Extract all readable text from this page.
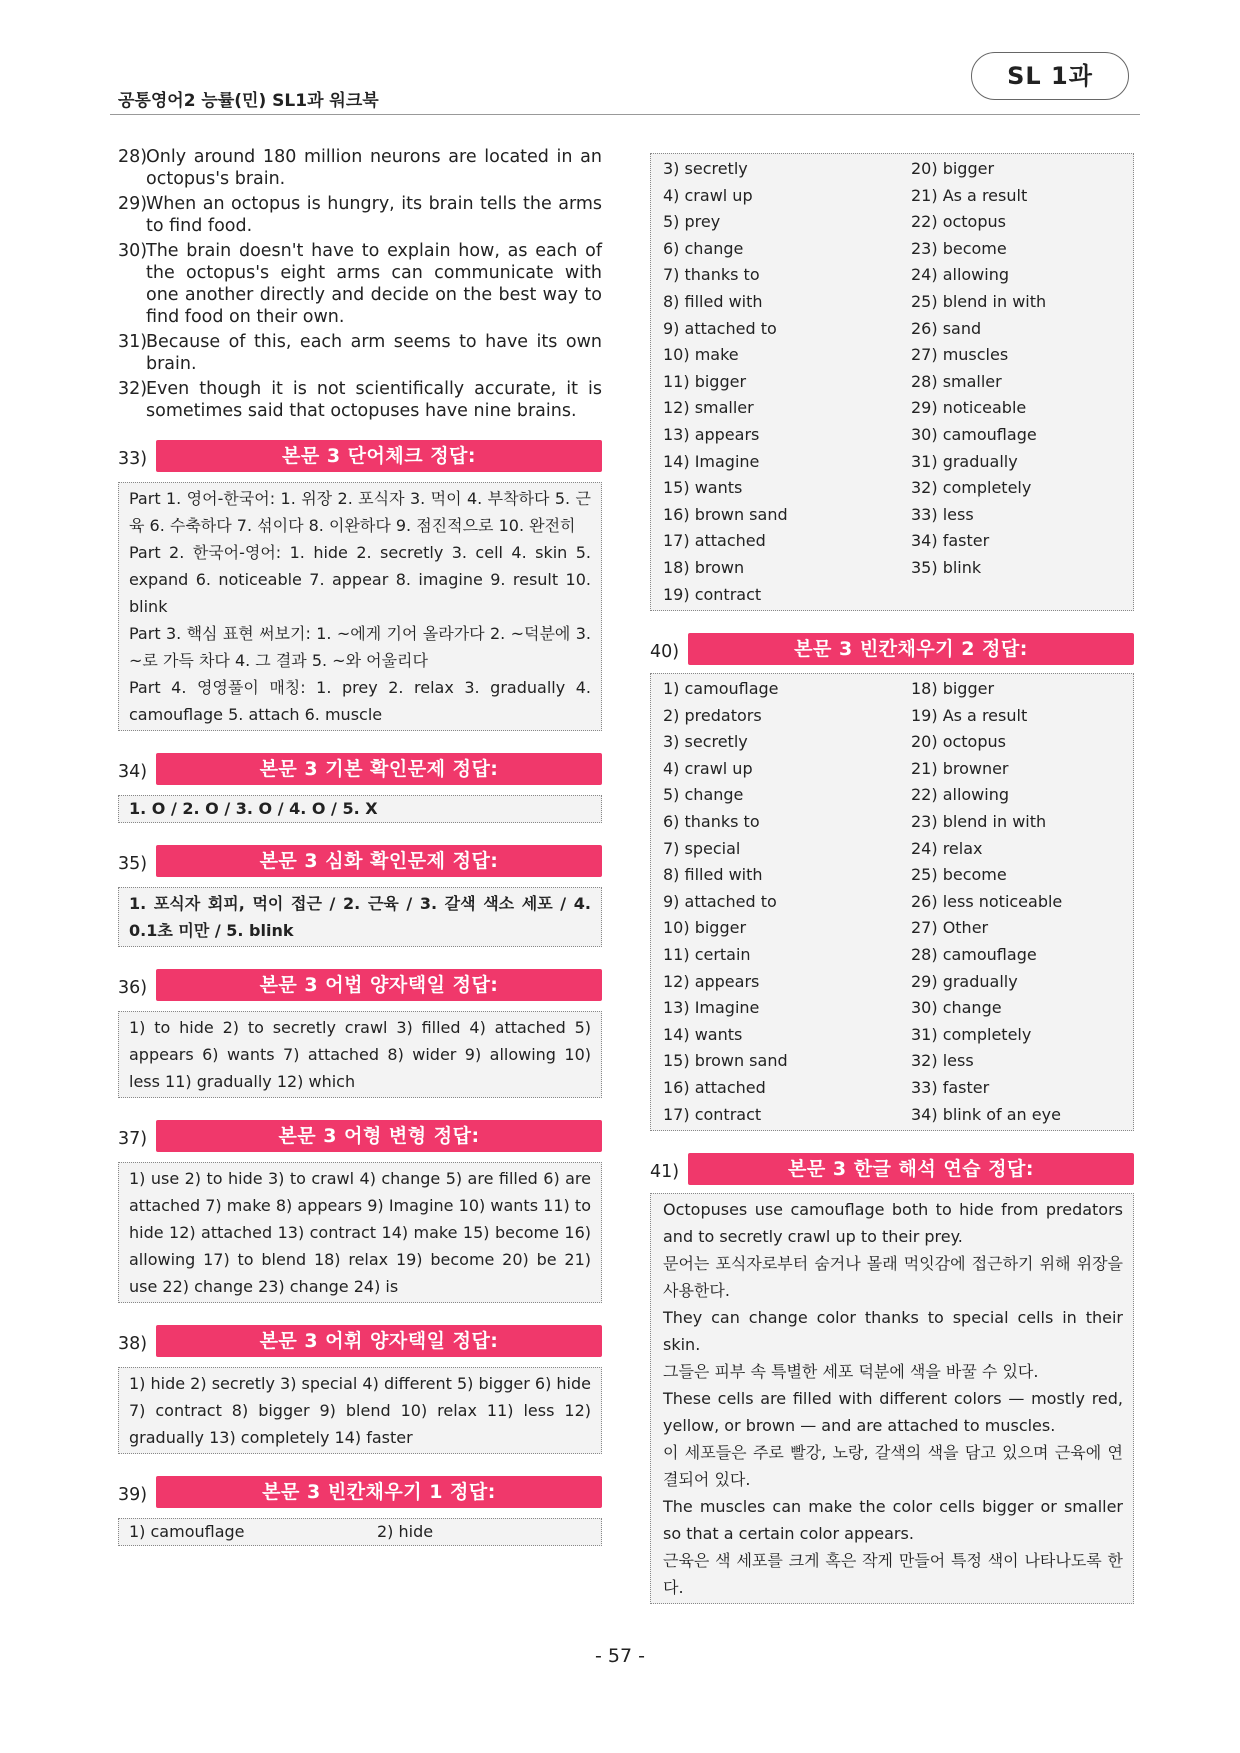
공통영어2 능률(민) SL1과 워크북
SL 1과
28)
Only around 180 million neurons are located in an octopus's brain.
29)
When an octopus is hungry, its brain tells the arms to find food.
30)
The brain doesn't have to explain how, as each of the octopus's eight arms can communicate with one another directly and decide on the best way to find food on their own.
31)
Because of this, each arm seems to have its own brain.
32)
Even though it is not scientifically accurate, it is sometimes said that octopuses have nine brains.
33)	본문 3 단어체크 정답:
Part 1. 영어-한국어: 1. 위장 2. 포식자 3. 먹이 4. 부착하다 5. 근육 6. 수축하다 7. 섞이다 8. 이완하다 9. 점진적으로 10. 완전히
Part 2. 한국어-영어: 1. hide 2. secretly 3. cell 4. skin 5. expand 6. noticeable 7. appear 8. imagine 9. result 10. blink
Part 3. 핵심 표현 써보기: 1. ~에게 기어 올라가다 2. ~덕분에 3. ~로 가득 차다 4. 그 결과 5. ~와 어울리다
Part 4. 영영풀이 매칭: 1. prey 2. relax 3. gradually 4. camouflage 5. attach 6. muscle
34)	본문 3 기본 확인문제 정답:
1. O / 2. O / 3. O / 4. O / 5. X
35)	본문 3 심화 확인문제 정답:
1. 포식자 회피, 먹이 접근 / 2. 근육 / 3. 갈색 색소 세포 / 4. 0.1초 미만 / 5. blink
36)	본문 3 어법 양자택일 정답:
1) to hide 2) to secretly crawl 3) filled 4) attached 5) appears 6) wants 7) attached 8) wider 9) allowing 10) less 11) gradually 12) which
37)	본문 3 어형 변형 정답:
1) use 2) to hide 3) to crawl 4) change 5) are filled 6) are attached 7) make 8) appears 9) Imagine 10) wants 11) to hide 12) attached 13) contract 14) make 15) become 16) allowing 17) to blend 18) relax 19) become 20) be 21) use 22) change 23) change 24) is
38)	본문 3 어휘 양자택일 정답:
1) hide 2) secretly 3) special 4) different 5) bigger 6) hide 7) contract 8) bigger 9) blend 10) relax 11) less 12) gradually 13) completely 14) faster
39)	본문 3 빈칸채우기 1 정답:
1) camouflage	2) hide
3) secretly	20) bigger
4) crawl up	21) As a result
5) prey	22) octopus
6) change	23) become
7) thanks to	24) allowing
8) filled with	25) blend in with
9) attached to	26) sand
10) make	27) muscles
11) bigger	28) smaller
12) smaller	29) noticeable
13) appears	30) camouflage
14) Imagine	31) gradually
15) wants	32) completely
16) brown sand	33) less
17) attached	34) faster
18) brown	35) blink
19) contract
40)	본문 3 빈칸채우기 2 정답:
1) camouflage	18) bigger
2) predators	19) As a result
3) secretly	20) octopus
4) crawl up	21) browner
5) change	22) allowing
6) thanks to	23) blend in with
7) special	24) relax
8) filled with	25) become
9) attached to	26) less noticeable
10) bigger	27) Other
11) certain	28) camouflage
12) appears	29) gradually
13) Imagine	30) change
14) wants	31) completely
15) brown sand	32) less
16) attached	33) faster
17) contract	34) blink of an eye
41)	본문 3 한글 해석 연습 정답:
Octopuses use camouflage both to hide from predators and to secretly crawl up to their prey.
문어는 포식자로부터 숨거나 몰래 먹잇감에 접근하기 위해 위장을 사용한다.
They can change color thanks to special cells in their skin.
그들은 피부 속 특별한 세포 덕분에 색을 바꿀 수 있다.
These cells are filled with different colors — mostly red, yellow, or brown — and are attached to muscles.
이 세포들은 주로 빨강, 노랑, 갈색의 색을 담고 있으며 근육에 연결되어 있다.
The muscles can make the color cells bigger or smaller so that a certain color appears.
근육은 색 세포를 크게 혹은 작게 만들어 특정 색이 나타나도록 한다.
- 57 -
